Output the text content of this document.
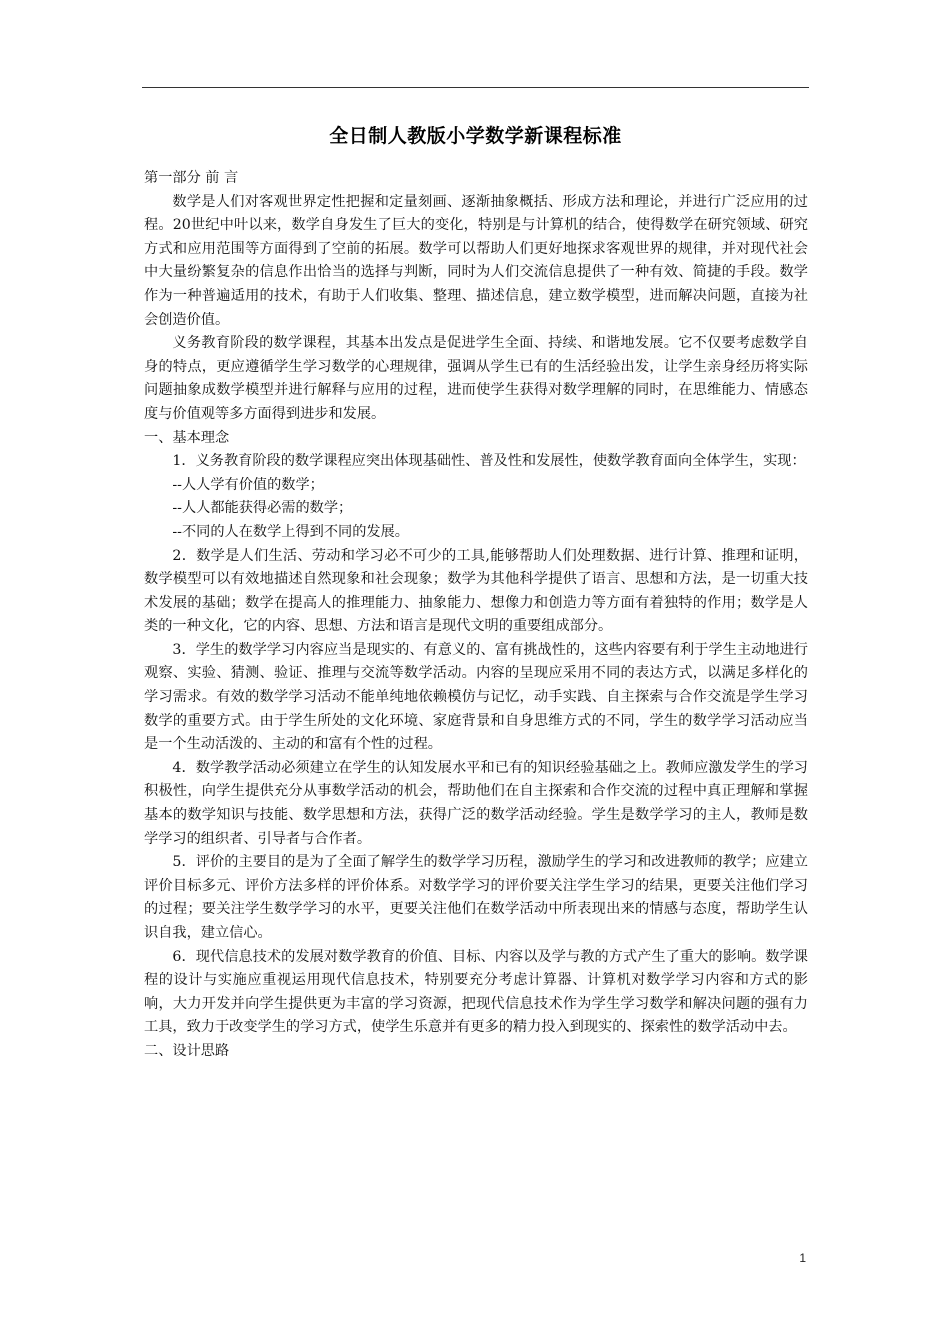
全日制人教版小学数学新课程标准

第一部分 前 言

数学是人们对客观世界定性把握和定量刻画、逐渐抽象概括、形成方法和理论，并进行广泛应用的过程。20世纪中叶以来，数学自身发生了巨大的变化，特别是与计算机的结合，使得数学在研究领域、研究方式和应用范围等方面得到了空前的拓展。数学可以帮助人们更好地探求客观世界的规律，并对现代社会中大量纷繁复杂的信息作出恰当的选择与判断，同时为人们交流信息提供了一种有效、简捷的手段。数学作为一种普遍适用的技术，有助于人们收集、整理、描述信息，建立数学模型，进而解决问题，直接为社会创造价值。

义务教育阶段的数学课程，其基本出发点是促进学生全面、持续、和谐地发展。它不仅要考虑数学自身的特点，更应遵循学生学习数学的心理规律，强调从学生已有的生活经验出发，让学生亲身经历将实际问题抽象成数学模型并进行解释与应用的过程，进而使学生获得对数学理解的同时，在思维能力、情感态度与价值观等多方面得到进步和发展。

一、基本理念

1．义务教育阶段的数学课程应突出体现基础性、普及性和发展性，使数学教育面向全体学生，实现：

--人人学有价值的数学；

--人人都能获得必需的数学；

--不同的人在数学上得到不同的发展。

2．数学是人们生活、劳动和学习必不可少的工具,能够帮助人们处理数据、进行计算、推理和证明，数学模型可以有效地描述自然现象和社会现象；数学为其他科学提供了语言、思想和方法，是一切重大技术发展的基础；数学在提高人的推理能力、抽象能力、想像力和创造力等方面有着独特的作用；数学是人类的一种文化，它的内容、思想、方法和语言是现代文明的重要组成部分。

3．学生的数学学习内容应当是现实的、有意义的、富有挑战性的，这些内容要有利于学生主动地进行观察、实验、猜测、验证、推理与交流等数学活动。内容的呈现应采用不同的表达方式，以满足多样化的学习需求。有效的数学学习活动不能单纯地依赖模仿与记忆，动手实践、自主探索与合作交流是学生学习数学的重要方式。由于学生所处的文化环境、家庭背景和自身思维方式的不同，学生的数学学习活动应当是一个生动活泼的、主动的和富有个性的过程。

4．数学教学活动必须建立在学生的认知发展水平和已有的知识经验基础之上。教师应激发学生的学习积极性，向学生提供充分从事数学活动的机会，帮助他们在自主探索和合作交流的过程中真正理解和掌握基本的数学知识与技能、数学思想和方法，获得广泛的数学活动经验。学生是数学学习的主人，教师是数学学习的组织者、引导者与合作者。

5．评价的主要目的是为了全面了解学生的数学学习历程，激励学生的学习和改进教师的教学；应建立评价目标多元、评价方法多样的评价体系。对数学学习的评价要关注学生学习的结果，更要关注他们学习的过程；要关注学生数学学习的水平，更要关注他们在数学活动中所表现出来的情感与态度，帮助学生认识自我，建立信心。

6．现代信息技术的发展对数学教育的价值、目标、内容以及学与教的方式产生了重大的影响。数学课程的设计与实施应重视运用现代信息技术，特别要充分考虑计算器、计算机对数学学习内容和方式的影响，大力开发并向学生提供更为丰富的学习资源，把现代信息技术作为学生学习数学和解决问题的强有力工具，致力于改变学生的学习方式，使学生乐意并有更多的精力投入到现实的、探索性的数学活动中去。

二、设计思路

1
